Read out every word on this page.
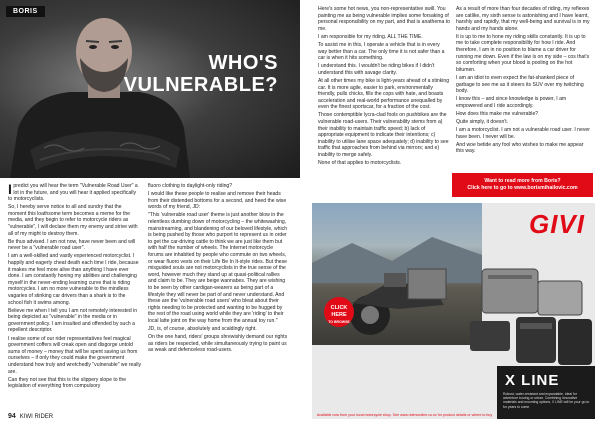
BORIS
WHO'S
VULNERABLE?

Ipredict you will hear the term "Vulnerable Road User" a lot in the future, and you will hear it applied specifically to motorcyclists.

So, I hereby serve notice to all and sundry that the moment this loathsome term becomes a meme for the media, and they begin to refer to motorcycle riders as "vulnerable", I will declare them my enemy and strive with all of my might to destroy them.

Be thus advised. I am not now, have never been and will never be a "vulnerable road user".

I am a well-skilled and vastly experienced motorcyclist. I happily and eagerly cheat death each time I ride, because it makes me feel more alive than anything I have ever done. I am constantly honing my abilities and challenging myself in the never-ending learning curve that is riding motorcycles. I am no more vulnerable to the mindless vagaries of stinking car drivers than a shark is to the school fish it swims among.

Believe me when I tell you I am not remotely interested in being depicted as "vulnerable" in the media or in government policy. I am insulted and offended by such a repellent descriptor.

I realise some of our rider representatives feel magical government coffers will creak open and disgorge untold sums of money – money that will be spent saving us from ourselves – if only they could make the government understand how truly and wretchedly "vulnerable" we really are.

Can they not see that this is the slippery slope to the legislation of everything from compulsory

fluoro clothing to daylight-only riding?

I would like these people to realise and remove their heads from their distended bottoms for a second, and heed the wise words of my friend, JD:

"This 'vulnerable road user' theme is just another blow in the relentless dumbing down of motorcycling – the whitewashing, mainstreaming, and blandening of our beloved lifestyle, which is being pushed by those who purport to represent us in order to get the car-driving cattle to think we are just like them but with half the number of wheels. The Internet motorcycle forums are inhabited by people who commute on two wheels, or wear fluoro vests on their Life Be In It-style rides. But these misguided souls are not motorcyclists in the true sense of the word, however much they stand up at quasi-political rallies and claim to be. They are beige wannabes. They are wishing to be seen by other cardigan-wearers as being part of a lifestyle they will never be part of and never understand. And these are the 'vulnerable road users' who bleat about their rights needing to be protected and wanting to be hugged by the rest of the road using world while they are 'riding' to their local latte joint on the way home from the annual toy run."

JD, is, of course, absolutely and scaldingly right.

On the one hand, riders' groups shrewishly demand our rights as riders be respected, while simultaneously trying to paint us as weak and defenceless road-users.

94 KIWI RIDER

Here's some hot news, you non-representative swill. You painting me as being vulnerable implies some forsaking of personal responsibility on my part, and that is anathema to me.

I am responsible for my riding. ALL THE TIME.

To assist me in this, I operate a vehicle that is in every way better than a car. The only time it is not safer than a car is when it hits something.

I understand this. I wouldn't be riding bikes if I didn't understand this with savage clarity.

At all other times my bike is light-years ahead of a stinking car. It is more agile, easier to park, environmentally friendly, pulls chicks, fills the cops with hate, and boasts acceleration and real-world performance unequalled by even the finest sportscar, for a fraction of the cost.

Those contemptible lycra-clad fools on pushbikes are the vulnerable road-users. Their vulnerability stems from a) their inability to maintain traffic speed; b) lack of appropriate equipment to indicate their intentions; c) inability to utilise lane space adequately; d) inability to see traffic that approaches from behind via mirrors; and e) inability to merge safely.

None of that applies to motorcyclists.

As a result of more than four decades of riding, my reflexes are catlike, my sixth sense is astonishing and I have learnt, harshly and rapidly, that my well-being and survival is in my hands and my hands alone.

It is up to me to hone my riding skills constantly. It is up to me to take complete responsibility for how I ride. And therefore, I am in no position to blame a car driver for running me down. Even if the law is on my side – cos that's so comforting when your blood is pooling on the hot bitumen.

I am an idiot to even expect the fat-shanked piece of garbage to see me as it steers its SUV over my twitching body.

I know this – and since knowledge is power, I am empowered and I ride accordingly.

How does this make me vulnerable?

Quite simply, it doesn't.

I am a motorcyclist. I am not a vulnerable road user. I never have been. I never will be.

And woe betide any fool who wishes to make me appear this way.

Want to read more from Boris?
Click here to go to www.borismihailovic.com
CLICK
HERE
TO BROWSE
GIVI
X LINE
Robust, water-resistant and expandable, ideal for adventure touring or urban. Combining innovative materials and mounting options, X LINE will be your go-to for years to come.
Available now from your local motorcycle shop. See www.ridersonline.co.nz for product details or where to buy
